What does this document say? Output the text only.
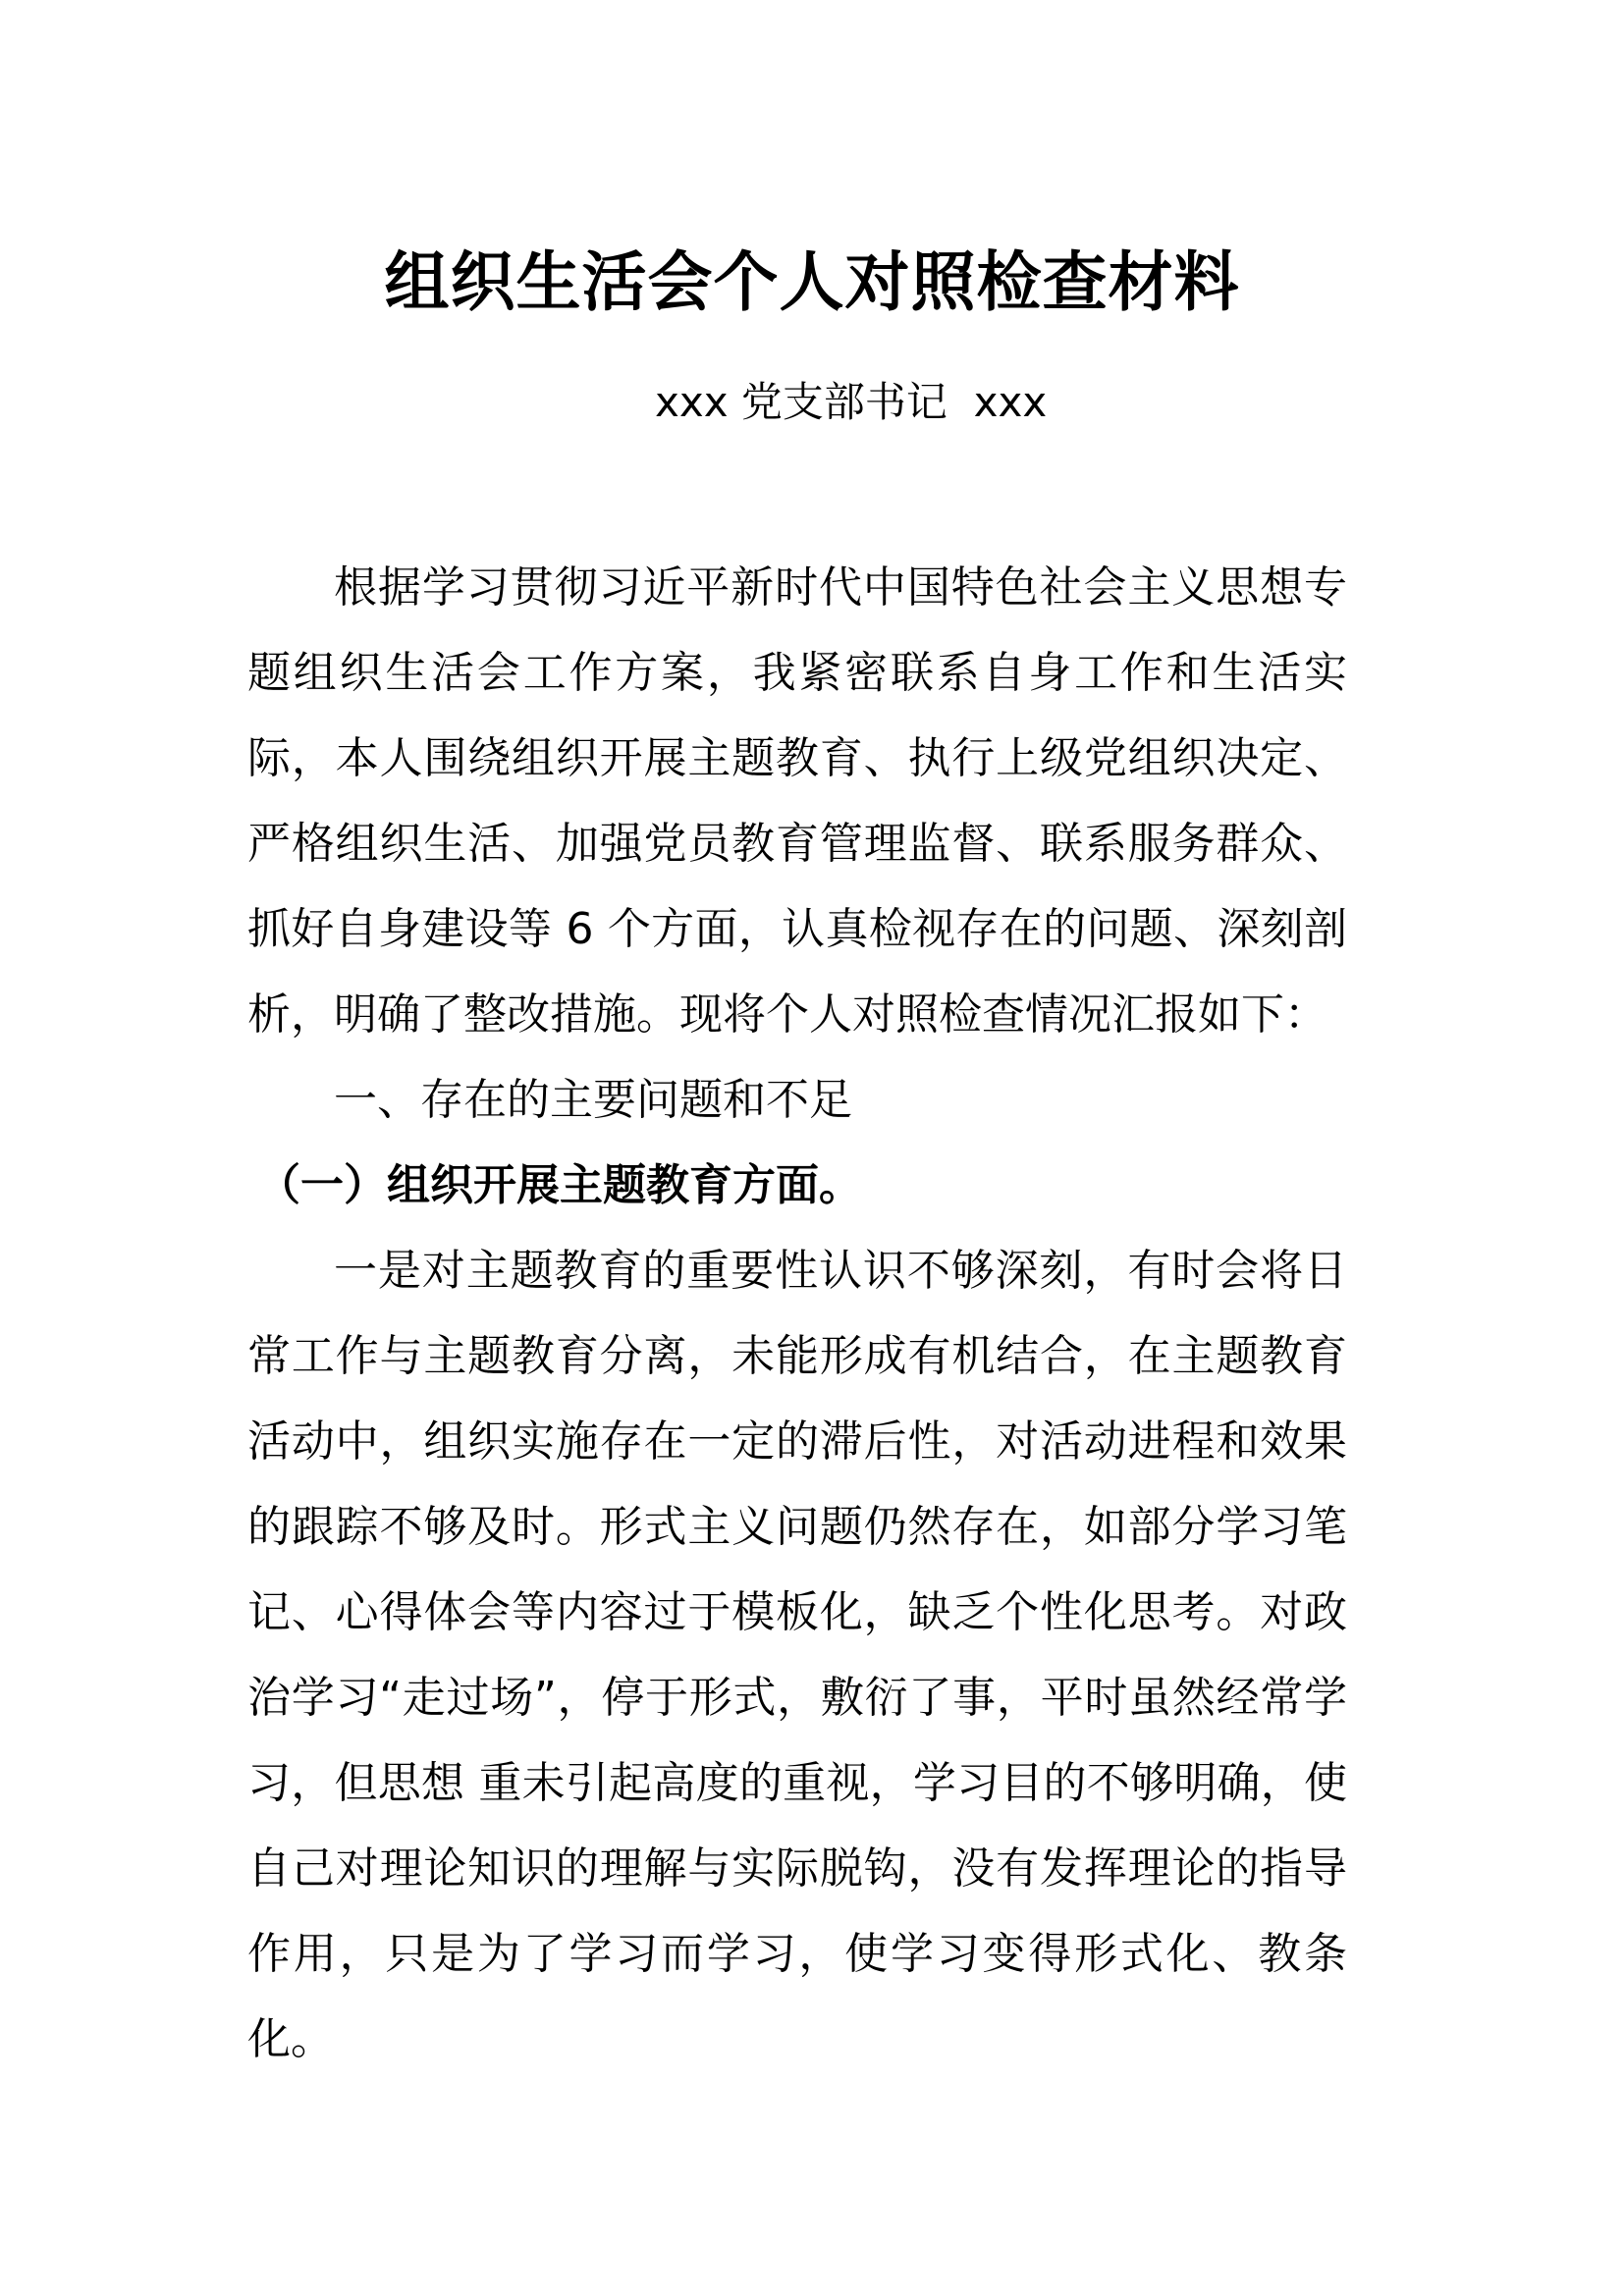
组织生活会个人对照检查材料
xxx 党支部书记  xxx

根据学习贯彻习近平新时代中国特色社会主义思想专题组织生活会工作方案，我紧密联系自身工作和生活实际，本人围绕组织开展主题教育、执行上级党组织决定、严格组织生活、加强党员教育管理监督、联系服务群众、抓好自身建设等 6 个方面，认真检视存在的问题、深刻剖析，明确了整改措施。现将个人对照检查情况汇报如下：

一、存在的主要问题和不足

（一）组织开展主题教育方面。

一是对主题教育的重要性认识不够深刻，有时会将日常工作与主题教育分离，未能形成有机结合，在主题教育活动中，组织实施存在一定的滞后性，对活动进程和效果的跟踪不够及时。形式主义问题仍然存在，如部分学习笔记、心得体会等内容过于模板化，缺乏个性化思考。对政治学习“走过场”，停于形式，敷衍了事，平时虽然经常学习，但思想 重未引起高度的重视，学习目的不够明确，使自己对理论知识的理解与实际脱钩，没有发挥理论的指导作用，只是为了学习而学习，使学习变得形式化、教条化。
